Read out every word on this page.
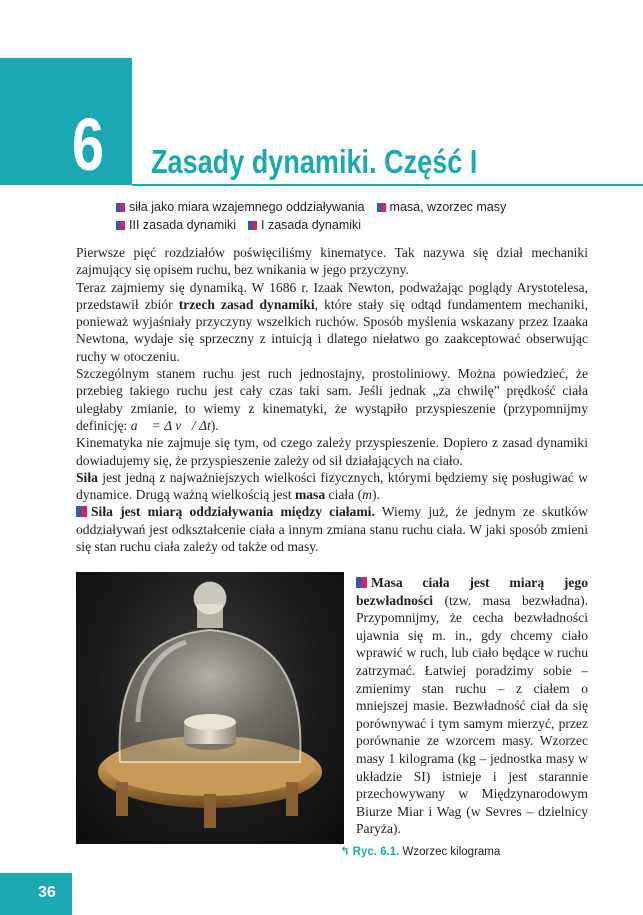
6 Zasady dynamiki. Część I
siła jako miara wzajemnego oddziaływania masa, wzorzec masy
III zasada dynamiki I zasada dynamiki

Pierwsze pięć rozdziałów poświęciliśmy kinematyce. Tak nazywa się dział mechaniki zajmujący się opisem ruchu, bez wnikania w jego przyczyny.

Teraz zajmiemy się dynamiką. W 1686 r. Izaak Newton, podważając poglądy Arystotelesa, przedstawił zbiór trzech zasad dynamiki, które stały się odtąd fundamentem mechaniki, ponieważ wyjaśniały przyczyny wszelkich ruchów. Sposób myślenia wskazany przez Izaaka Newtona, wydaje się sprzeczny z intuicją i dlatego niełatwo go zaakceptować obserwując ruchy w otoczeniu.

Szczególnym stanem ruchu jest ruch jednostajny, prostoliniowy. Można powiedzieć, że przebieg takiego ruchu jest cały czas taki sam. Jeśli jednak „za chwilę” prędkość ciała uległaby zmianie, to wiemy z kinematyki, że wystąpiło przyspieszenie (przypomnijmy definicję: a⃗ = Δ v⃗/ Δt).

Kinematyka nie zajmuje się tym, od czego zależy przyspieszenie. Dopiero z zasad dynamiki dowiadujemy się, że przyspieszenie zależy od sił działających na ciało.

Siła jest jedną z najważniejszych wielkości fizycznych, którymi będziemy się posługiwać w dynamice. Drugą ważną wielkością jest masa ciała (m).

Siła jest miarą oddziaływania między ciałami. Wiemy już, że jednym ze skutków oddziaływań jest odkształcenie ciała a innym zmiana stanu ruchu ciała. W jaki sposób zmieni się stan ruchu ciała zależy od także od masy.

Masa ciała jest miarą jego bezwładności (tzw. masa bezwładna). Przypomnijmy, że cecha bezwładności ujawnia się m. in., gdy chcemy ciało wprawić w ruch, lub ciało będące w ruchu zatrzymać. Łatwiej poradzimy sobie – zmienimy stan ruchu – z ciałem o mniejszej masie. Bezwładność ciał da się porównywać i tym samym mierzyć, przez porównanie ze wzorcem masy. Wzorzec masy 1 kilograma (kg – jednostka masy w układzie SI) istnieje i jest starannie przechowywany w Międzynarodowym Biurze Miar i Wag (w Sevres – dzielnicy Paryża).

↰ Ryc. 6.1. Wzorzec kilograma
36
